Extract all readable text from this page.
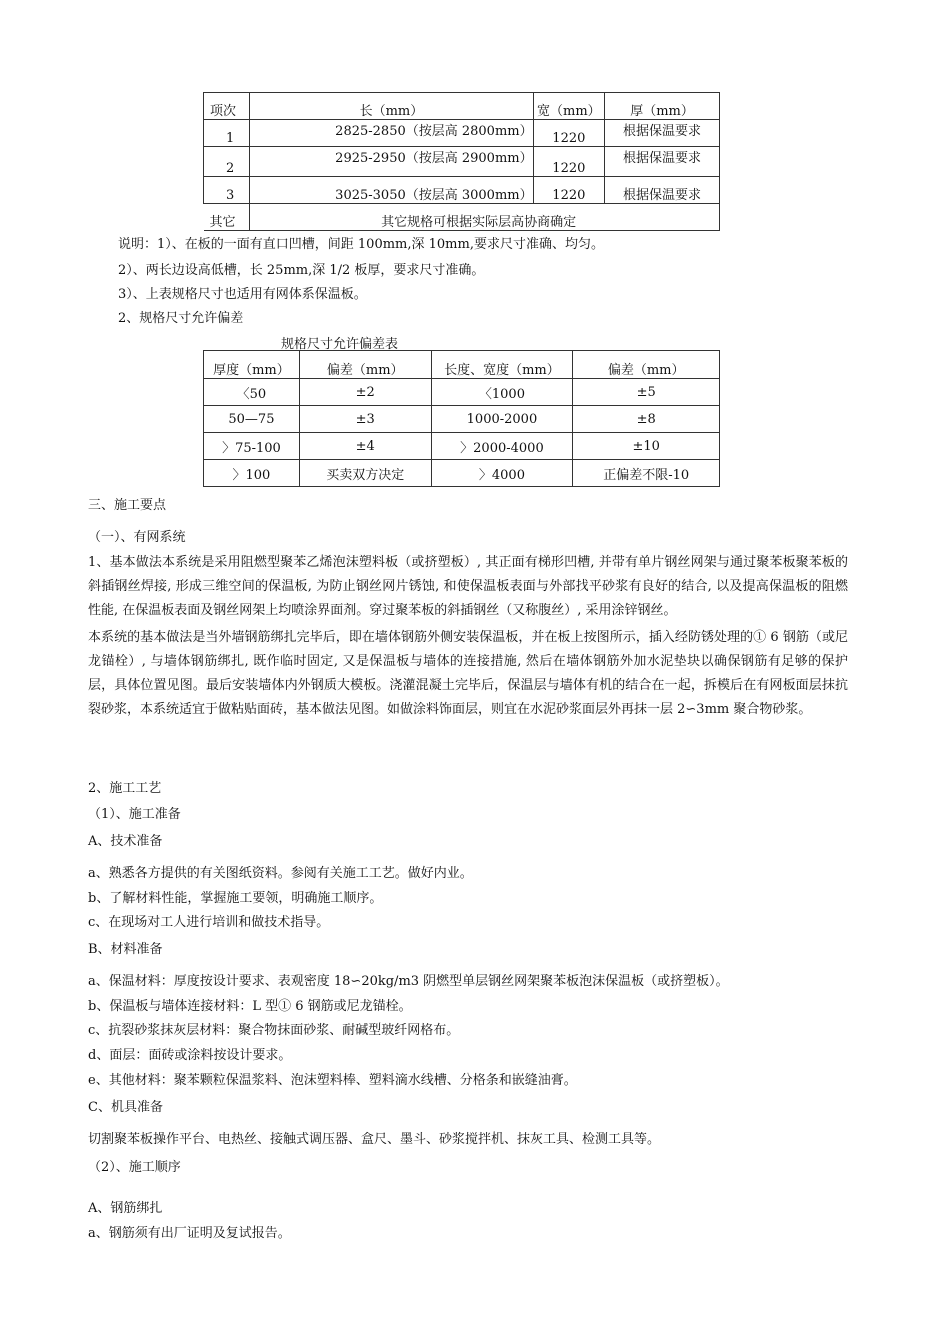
项次	长（mm）	宽（mm）	厚（mm）
1	2825-2850（按层高 2800mm）	1220	根据保温要求
2	2925-2950（按层高 2900mm）	1220	根据保温要求
3	3025-3050（按层高 3000mm）	1220	根据保温要求
其它	其它规格可根据实际层高协商确定		
说明：1）、在板的一面有直口凹槽，间距 100mm,深 10mm,要求尺寸准确、均匀。
2）、两长边设高低槽，长 25mm,深 1/2 板厚，要求尺寸准确。
3）、上表规格尺寸也适用有网体系保温板。
2、规格尺寸允许偏差
规格尺寸允许偏差表
厚度（mm）	偏差（mm）	长度、宽度（mm）	偏差（mm）
〈50	±2	〈1000	±5
50—75	±3	1000-2000	±8
〉75-100	±4	〉2000-4000	±10
〉100	买卖双方决定	〉4000	正偏差不限-10
三、施工要点
（一）、有网系统
1、基本做法本系统是采用阻燃型聚苯乙烯泡沫塑料板（或挤塑板）, 其正面有梯形凹槽, 并带有单片钢丝网架与通过聚苯板聚苯板的斜插钢丝焊接, 形成三维空间的保温板, 为防止钢丝网片锈蚀, 和使保温板表面与外部找平砂浆有良好的结合, 以及提高保温板的阻燃性能, 在保温板表面及钢丝网架上均喷涂界面剂。穿过聚苯板的斜插钢丝（又称腹丝）, 采用涂锌钢丝。
本系统的基本做法是当外墙钢筋绑扎完毕后，即在墙体钢筋外侧安装保温板，并在板上按图所示，插入经防锈处理的① 6 钢筋（或尼龙锚栓）, 与墙体钢筋绑扎, 既作临时固定, 又是保温板与墙体的连接措施, 然后在墙体钢筋外加水泥垫块以确保钢筋有足够的保护层，具体位置见图。最后安装墙体内外钢质大模板。浇灌混凝土完毕后，保温层与墙体有机的结合在一起，拆模后在有网板面层抹抗裂砂浆，本系统适宜于做粘贴面砖，基本做法见图。如做涂料饰面层，则宜在水泥砂浆面层外再抹一层 2∽3mm 聚合物砂浆。
2、施工工艺
（1）、施工准备
A、技术准备
a、熟悉各方提供的有关图纸资料。参阅有关施工工艺。做好内业。
b、了解材料性能，掌握施工要领，明确施工顺序。
c、在现场对工人进行培训和做技术指导。
B、材料准备
a、保温材料：厚度按设计要求、表观密度 18∽20kg/m3 阴燃型单层钢丝网架聚苯板泡沫保温板（或挤塑板）。
b、保温板与墙体连接材料：L 型① 6 钢筋或尼龙锚栓。
c、抗裂砂浆抹灰层材料：聚合物抹面砂浆、耐碱型玻纤网格布。
d、面层：面砖或涂料按设计要求。
e、其他材料：聚苯颗粒保温浆料、泡沫塑料棒、塑料滴水线槽、分格条和嵌缝油膏。
C、机具准备
切割聚苯板操作平台、电热丝、接触式调压器、盒尺、墨斗、砂浆搅拌机、抹灰工具、检测工具等。
（2）、施工顺序
A、钢筋绑扎
a、钢筋须有出厂证明及复试报告。
